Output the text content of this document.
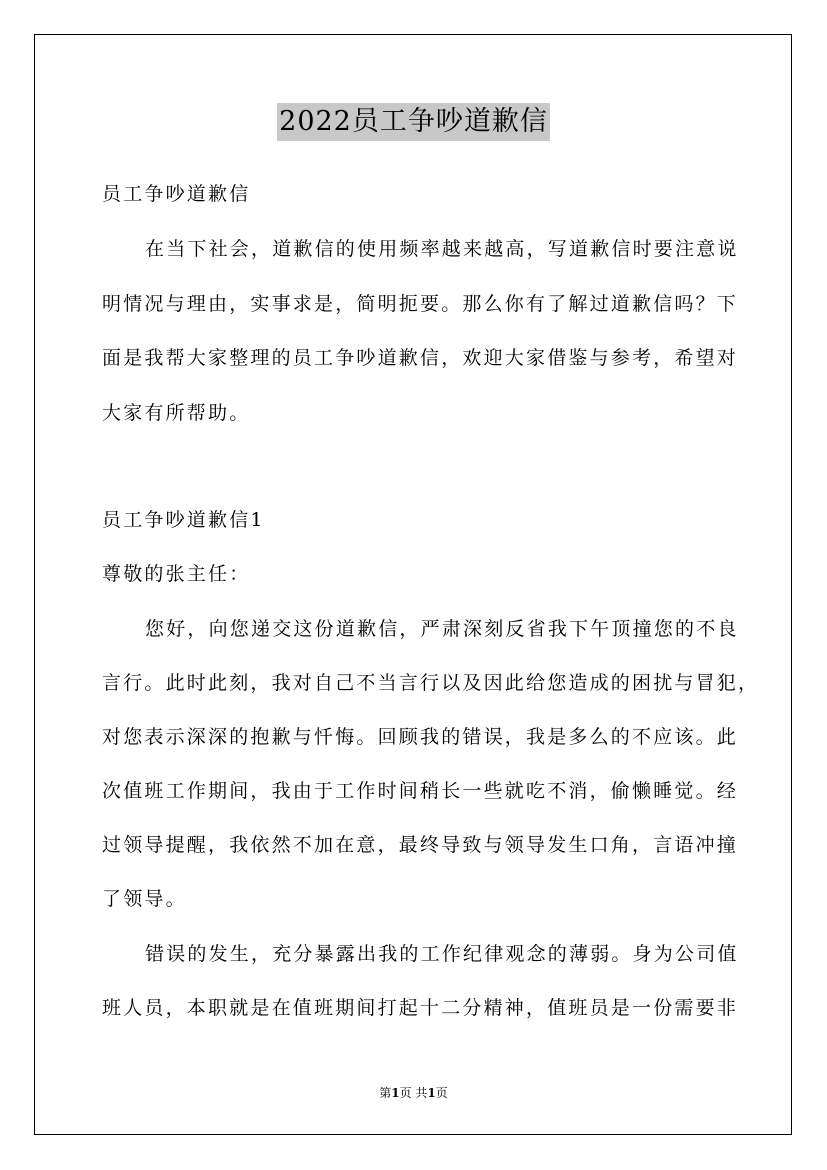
2022员工争吵道歉信
员工争吵道歉信
在当下社会，道歉信的使用频率越来越高，写道歉信时要注意说
明情况与理由，实事求是，简明扼要。那么你有了解过道歉信吗？下
面是我帮大家整理的员工争吵道歉信，欢迎大家借鉴与参考，希望对
大家有所帮助。
员工争吵道歉信1
尊敬的张主任：
您好，向您递交这份道歉信，严肃深刻反省我下午顶撞您的不良
言行。此时此刻，我对自己不当言行以及因此给您造成的困扰与冒犯，
对您表示深深的抱歉与忏悔。回顾我的错误，我是多么的不应该。此
次值班工作期间，我由于工作时间稍长一些就吃不消，偷懒睡觉。经
过领导提醒，我依然不加在意，最终导致与领导发生口角，言语冲撞
了领导。
错误的发生，充分暴露出我的工作纪律观念的薄弱。身为公司值
班人员，本职就是在值班期间打起十二分精神，值班员是一份需要非
第1页 共1页
